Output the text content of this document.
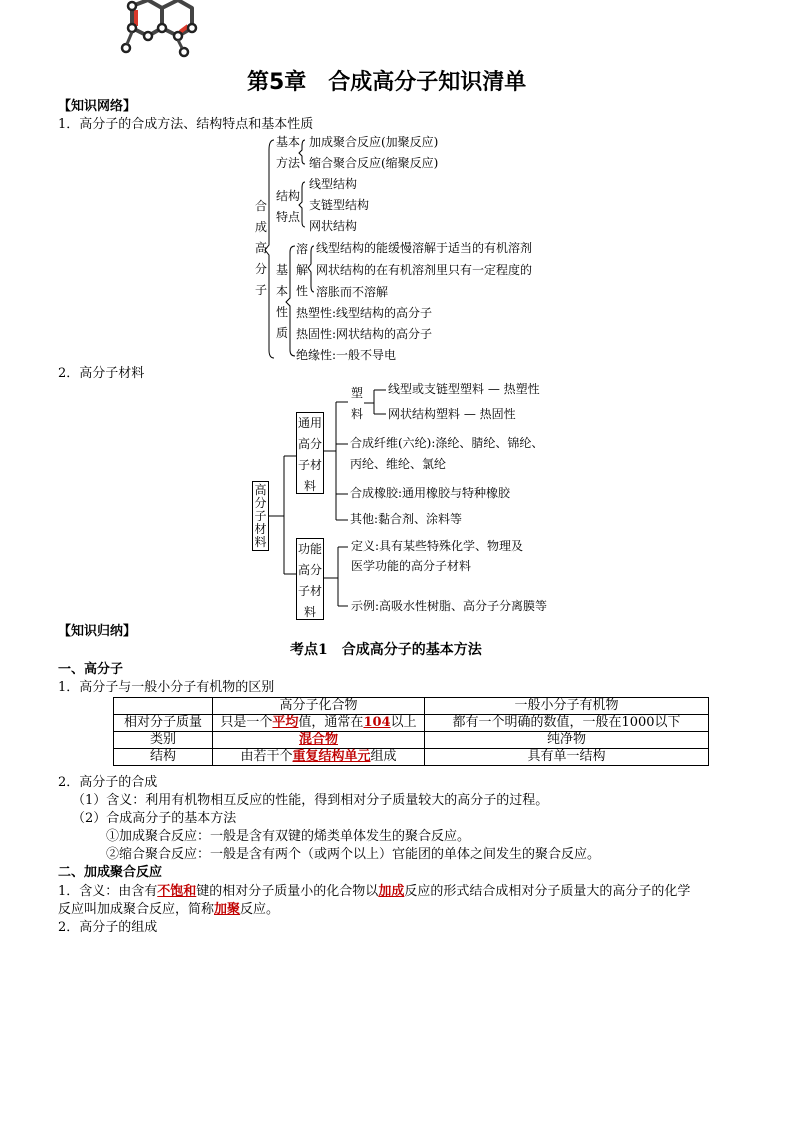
第5章　合成高分子知识清单
【知识网络】
1．高分子的合成方法、结构特点和基本性质
合成高分子
基本方法
加成聚合反应(加聚反应)
缩合聚合反应(缩聚反应)
结构特点
线型结构
支链型结构
网状结构
基本性质
溶解性
线型结构的能缓慢溶解于适当的有机溶剂
网状结构的在有机溶剂里只有一定程度的
溶胀而不溶解
热塑性:线型结构的高分子
热固性:网状结构的高分子
绝缘性:一般不导电
2．高分子材料
高分子材料
通用高分子材料
塑料
线型或支链型塑料 — 热塑性
网状结构塑料 — 热固性
合成纤维(六纶):涤纶、腈纶、锦纶、
丙纶、维纶、氯纶
合成橡胶:通用橡胶与特种橡胶
其他:黏合剂、涂料等
功能高分子材料
定义:具有某些特殊化学、物理及
医学功能的高分子材料
示例:高吸水性树脂、高分子分离膜等
【知识归纳】
考点1　合成高分子的基本方法
一、高分子
1．高分子与一般小分子有机物的区别
	高分子化合物	一般小分子有机物
相对分子质量	只是一个平均值，通常在104以上	都有一个明确的数值，一般在1000以下
类别	混合物	纯净物
结构	由若干个重复结构单元组成	具有单一结构
2．高分子的合成
（1）含义：利用有机物相互反应的性能，得到相对分子质量较大的高分子的过程。
（2）合成高分子的基本方法
①加成聚合反应：一般是含有双键的烯类单体发生的聚合反应。
②缩合聚合反应：一般是含有两个（或两个以上）官能团的单体之间发生的聚合反应。
二、加成聚合反应
1．含义：由含有不饱和键的相对分子质量小的化合物以加成反应的形式结合成相对分子质量大的高分子的化学
反应叫加成聚合反应，简称加聚反应。
2．高分子的组成
